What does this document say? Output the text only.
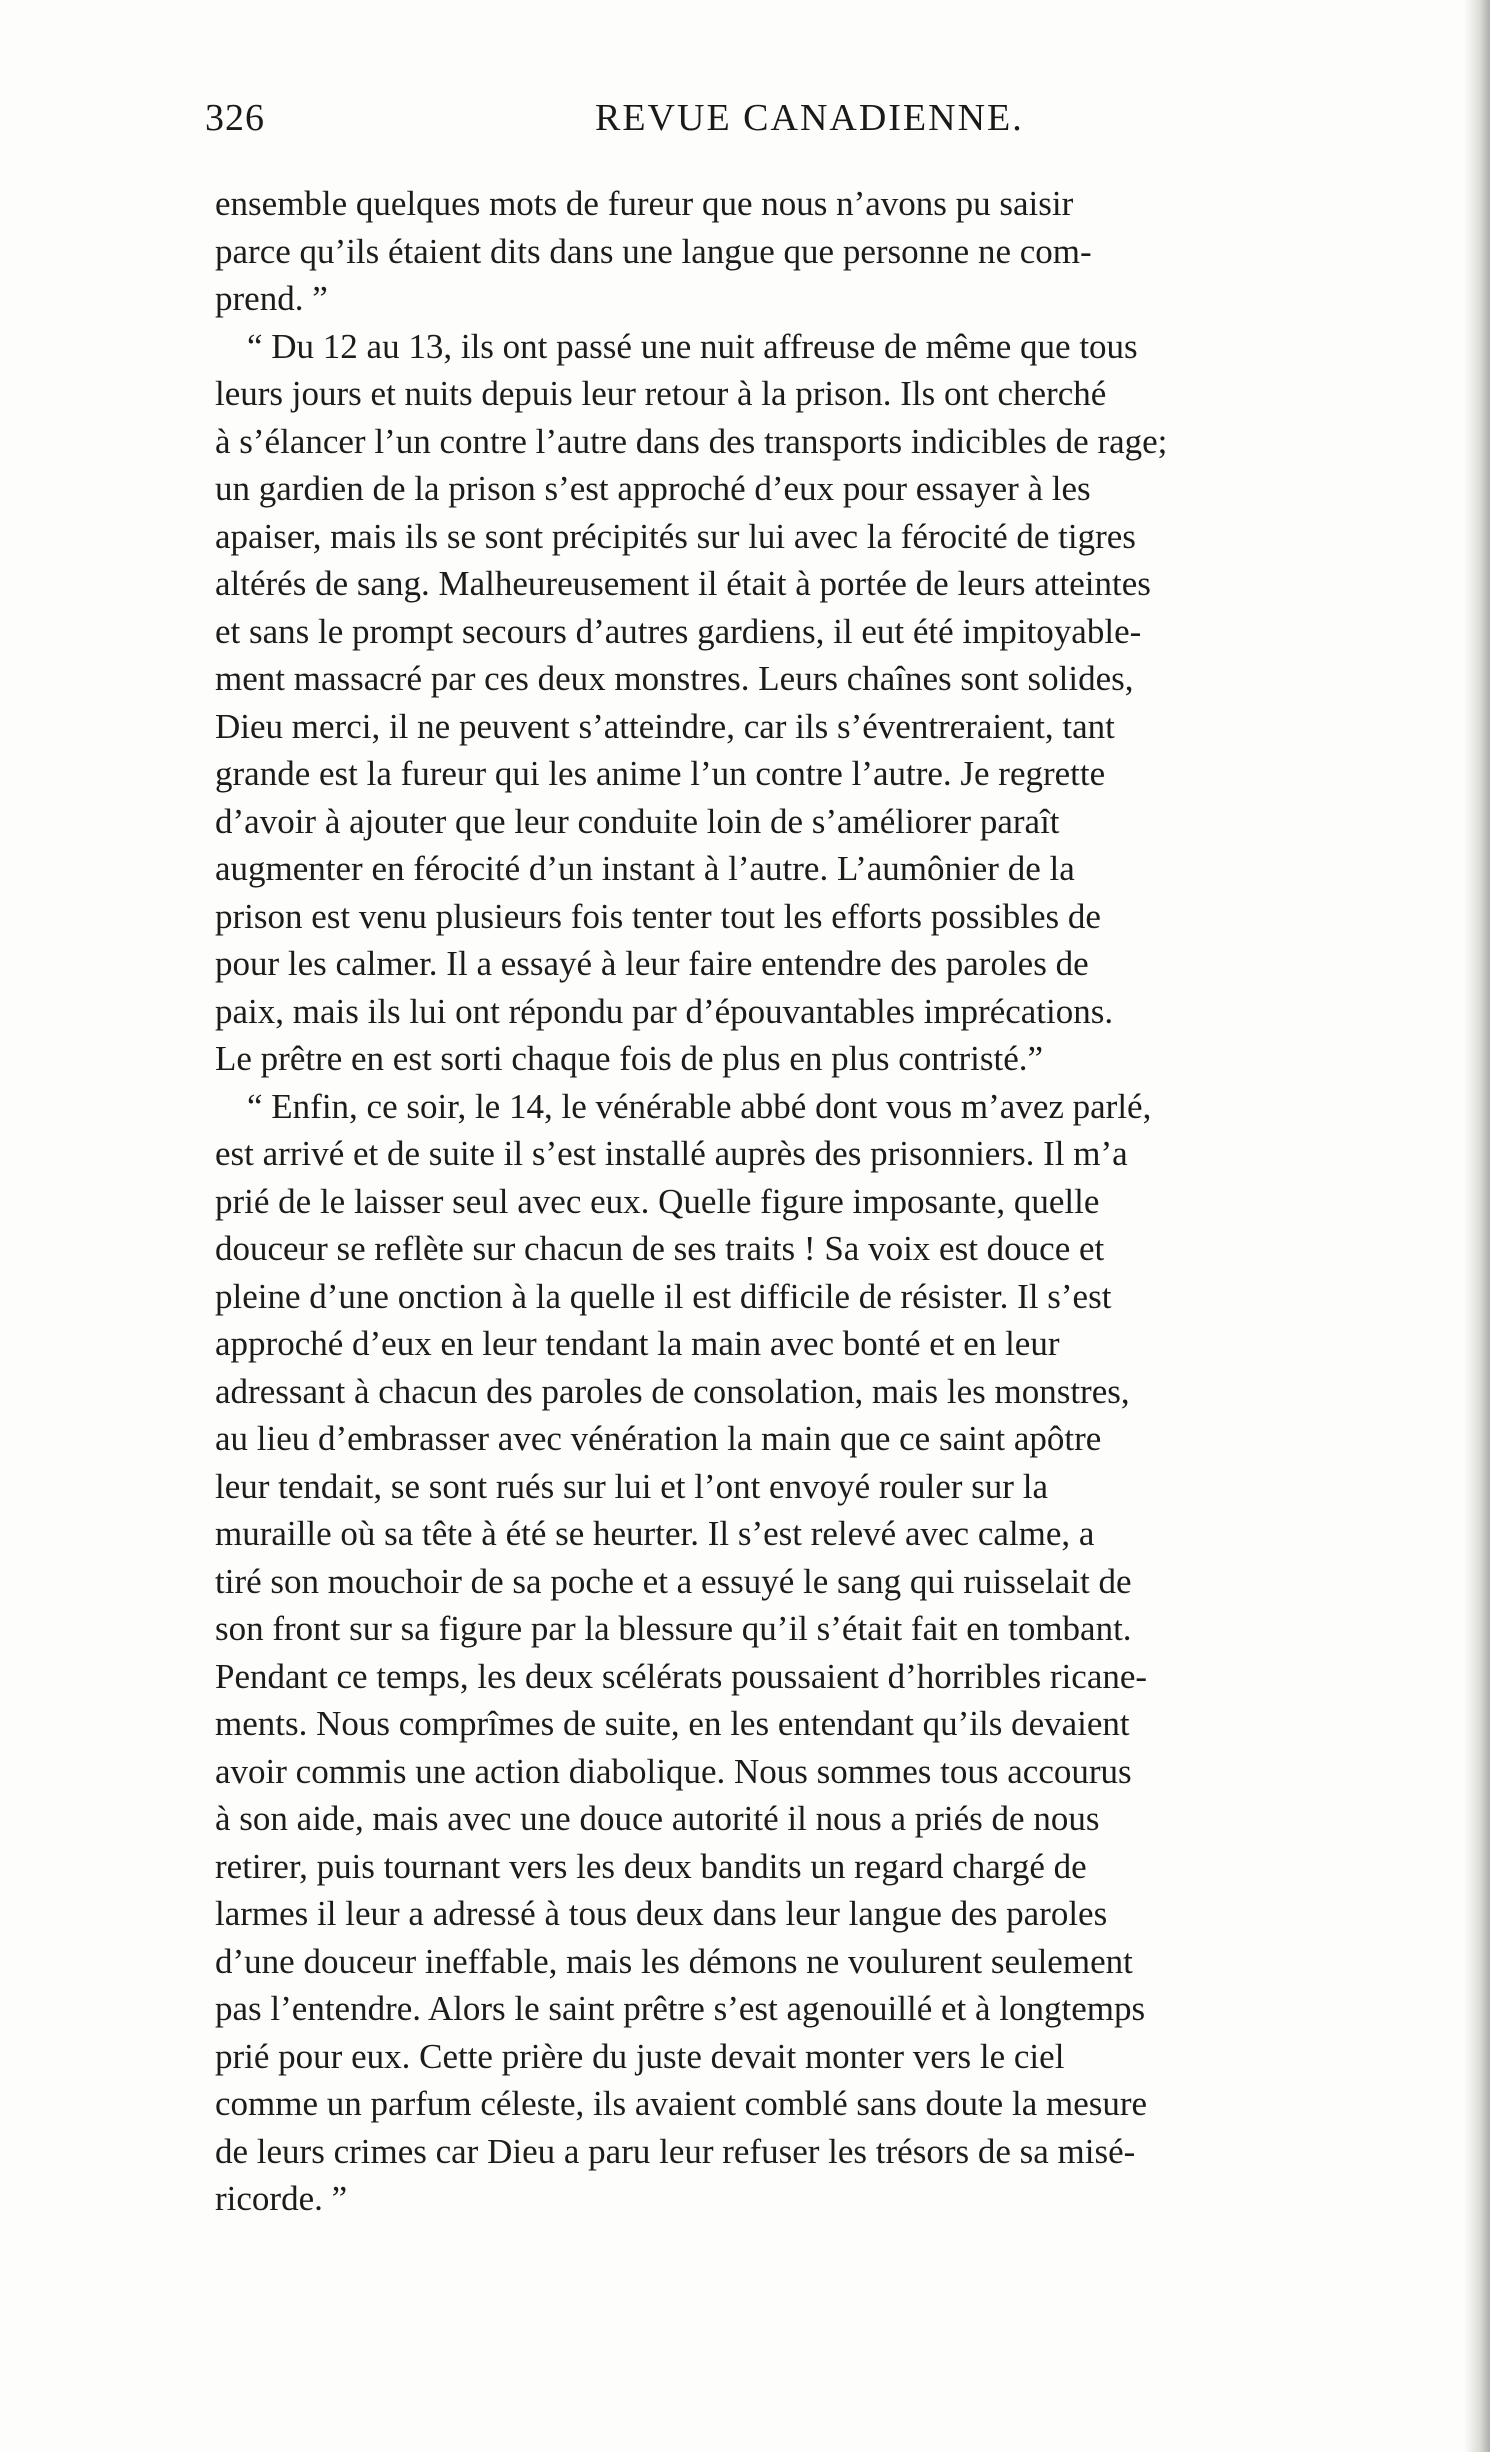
326	REVUE CANADIENNE.
ensemble quelques mots de fureur que nous n’avons pu saisir
parce qu’ils étaient dits dans une langue que personne ne com-
prend. ”
“ Du 12 au 13, ils ont passé une nuit affreuse de même que tous
leurs jours et nuits depuis leur retour à la prison. Ils ont cherché
à s’élancer l’un contre l’autre dans des transports indicibles de rage;
un gardien de la prison s’est approché d’eux pour essayer à les
apaiser, mais ils se sont précipités sur lui avec la férocité de tigres
altérés de sang. Malheureusement il était à portée de leurs atteintes
et sans le prompt secours d’autres gardiens, il eut été impitoyable-
ment massacré par ces deux monstres. Leurs chaînes sont solides,
Dieu merci, il ne peuvent s’atteindre, car ils s’éventreraient, tant
grande est la fureur qui les anime l’un contre l’autre. Je regrette
d’avoir à ajouter que leur conduite loin de s’améliorer paraît
augmenter en férocité d’un instant à l’autre. L’aumônier de la
prison est venu plusieurs fois tenter tout les efforts possibles de
pour les calmer. Il a essayé à leur faire entendre des paroles de
paix, mais ils lui ont répondu par d’épouvantables imprécations.
Le prêtre en est sorti chaque fois de plus en plus contristé.”
“ Enfin, ce soir, le 14, le vénérable abbé dont vous m’avez parlé,
est arrivé et de suite il s’est installé auprès des prisonniers. Il m’a
prié de le laisser seul avec eux. Quelle figure imposante, quelle
douceur se reflète sur chacun de ses traits ! Sa voix est douce et
pleine d’une onction à la quelle il est difficile de résister. Il s’est
approché d’eux en leur tendant la main avec bonté et en leur
adressant à chacun des paroles de consolation, mais les monstres,
au lieu d’embrasser avec vénération la main que ce saint apôtre
leur tendait, se sont rués sur lui et l’ont envoyé rouler sur la
muraille où sa tête à été se heurter. Il s’est relevé avec calme, a
tiré son mouchoir de sa poche et a essuyé le sang qui ruisselait de
son front sur sa figure par la blessure qu’il s’était fait en tombant.
Pendant ce temps, les deux scélérats poussaient d’horribles ricane-
ments. Nous comprîmes de suite, en les entendant qu’ils devaient
avoir commis une action diabolique. Nous sommes tous accourus
à son aide, mais avec une douce autorité il nous a priés de nous
retirer, puis tournant vers les deux bandits un regard chargé de
larmes il leur a adressé à tous deux dans leur langue des paroles
d’une douceur ineffable, mais les démons ne voulurent seulement
pas l’entendre. Alors le saint prêtre s’est agenouillé et à longtemps
prié pour eux. Cette prière du juste devait monter vers le ciel
comme un parfum céleste, ils avaient comblé sans doute la mesure
de leurs crimes car Dieu a paru leur refuser les trésors de sa misé-
ricorde. ”
